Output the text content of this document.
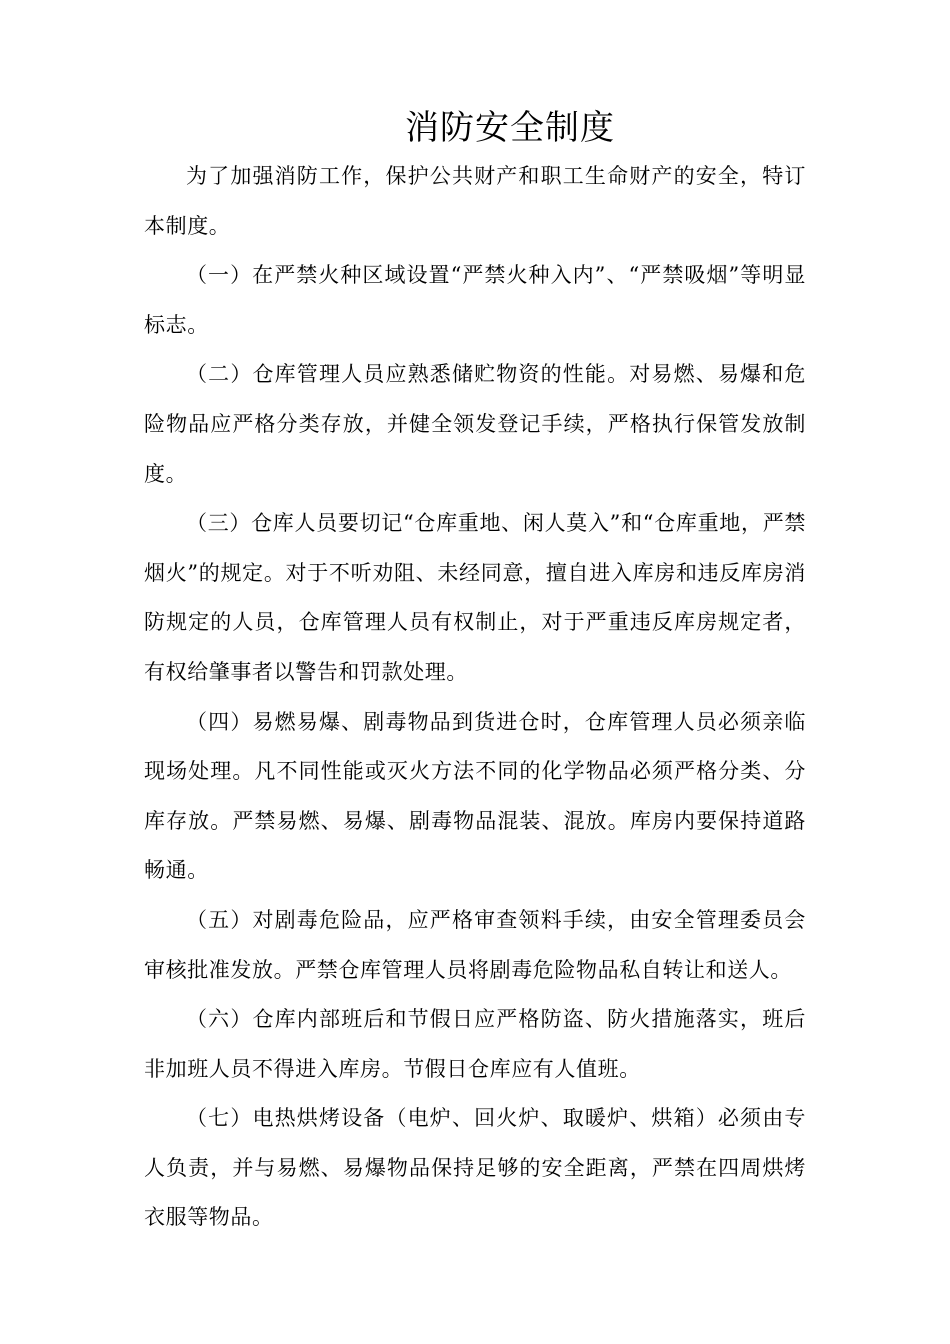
消防安全制度

为了加强消防工作，保护公共财产和职工生命财产的安全，特订本制度。

（一）在严禁火种区域设置“严禁火种入内”、“严禁吸烟”等明显标志。

（二）仓库管理人员应熟悉储贮物资的性能。对易燃、易爆和危险物品应严格分类存放，并健全领发登记手续，严格执行保管发放制度。

（三）仓库人员要切记“仓库重地、闲人莫入”和“仓库重地，严禁烟火”的规定。对于不听劝阻、未经同意，擅自进入库房和违反库房消防规定的人员，仓库管理人员有权制止，对于严重违反库房规定者，有权给肇事者以警告和罚款处理。

（四）易燃易爆、剧毒物品到货进仓时，仓库管理人员必须亲临现场处理。凡不同性能或灭火方法不同的化学物品必须严格分类、分库存放。严禁易燃、易爆、剧毒物品混装、混放。库房内要保持道路畅通。

（五）对剧毒危险品，应严格审查领料手续，由安全管理委员会审核批准发放。严禁仓库管理人员将剧毒危险物品私自转让和送人。

（六）仓库内部班后和节假日应严格防盗、防火措施落实，班后非加班人员不得进入库房。节假日仓库应有人值班。

（七）电热烘烤设备（电炉、回火炉、取暖炉、烘箱）必须由专人负责，并与易燃、易爆物品保持足够的安全距离，严禁在四周烘烤衣服等物品。
